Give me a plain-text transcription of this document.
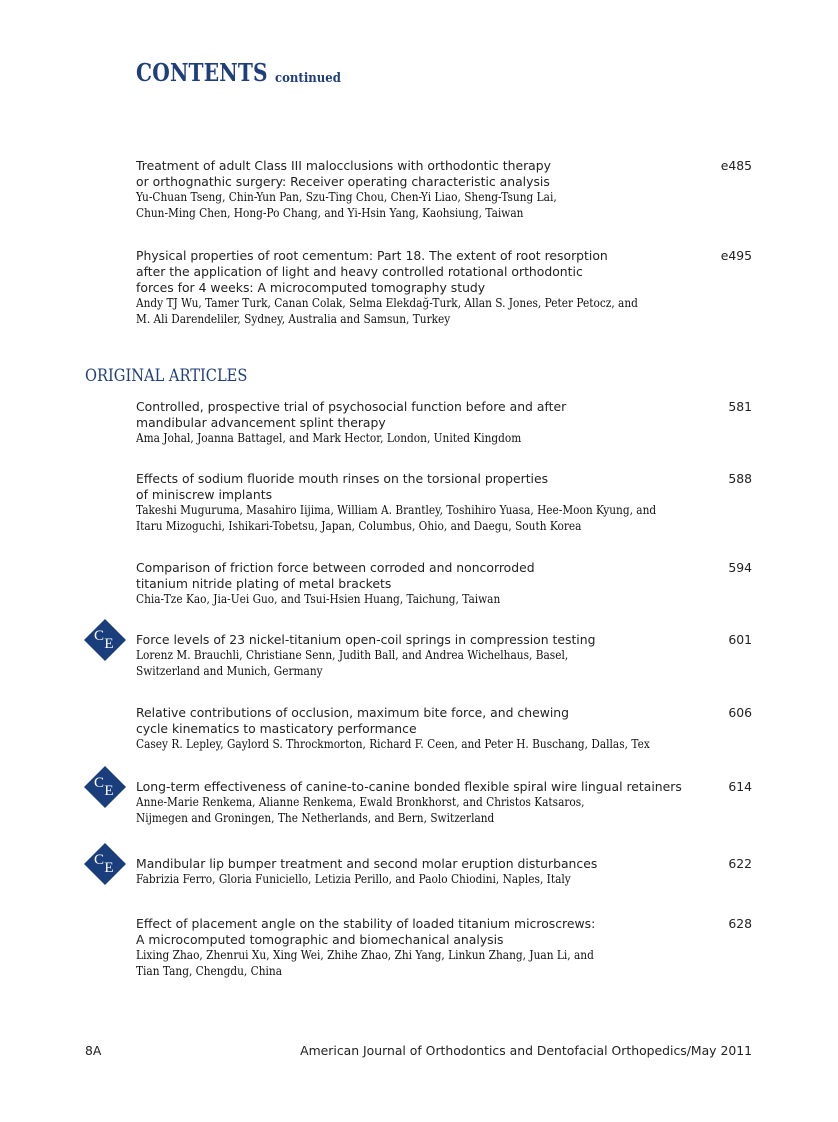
CONTENTS continued
Treatment of adult Class III malocclusions with orthodontic therapy
or orthognathic surgery: Receiver operating characteristic analysis
Yu-Chuan Tseng, Chin-Yun Pan, Szu-Ting Chou, Chen-Yi Liao, Sheng-Tsung Lai,
Chun-Ming Chen, Hong-Po Chang, and Yi-Hsin Yang, Kaohsiung, Taiwan
e485
Physical properties of root cementum: Part 18. The extent of root resorption
after the application of light and heavy controlled rotational orthodontic
forces for 4 weeks: A microcomputed tomography study
Andy TJ Wu, Tamer Turk, Canan Colak, Selma Elekdağ-Turk, Allan S. Jones, Peter Petocz, and
M. Ali Darendeliler, Sydney, Australia and Samsun, Turkey
e495
ORIGINAL ARTICLES
Controlled, prospective trial of psychosocial function before and after
mandibular advancement splint therapy
Ama Johal, Joanna Battagel, and Mark Hector, London, United Kingdom
581
Effects of sodium fluoride mouth rinses on the torsional properties
of miniscrew implants
Takeshi Muguruma, Masahiro Iijima, William A. Brantley, Toshihiro Yuasa, Hee-Moon Kyung, and
Itaru Mizoguchi, Ishikari-Tobetsu, Japan, Columbus, Ohio, and Daegu, South Korea
588
Comparison of friction force between corroded and noncorroded
titanium nitride plating of metal brackets
Chia-Tze Kao, Jia-Uei Guo, and Tsui-Hsien Huang, Taichung, Taiwan
594
C E Force levels of 23 nickel-titanium open-coil springs in compression testing
Lorenz M. Brauchli, Christiane Senn, Judith Ball, and Andrea Wichelhaus, Basel,
Switzerland and Munich, Germany
601
Relative contributions of occlusion, maximum bite force, and chewing
cycle kinematics to masticatory performance
Casey R. Lepley, Gaylord S. Throckmorton, Richard F. Ceen, and Peter H. Buschang, Dallas, Tex
606
C E Long-term effectiveness of canine-to-canine bonded flexible spiral wire lingual retainers
Anne-Marie Renkema, Alianne Renkema, Ewald Bronkhorst, and Christos Katsaros,
Nijmegen and Groningen, The Netherlands, and Bern, Switzerland
614
C E Mandibular lip bumper treatment and second molar eruption disturbances
Fabrizia Ferro, Gloria Funiciello, Letizia Perillo, and Paolo Chiodini, Naples, Italy
622
Effect of placement angle on the stability of loaded titanium microscrews:
A microcomputed tomographic and biomechanical analysis
Lixing Zhao, Zhenrui Xu, Xing Wei, Zhihe Zhao, Zhi Yang, Linkun Zhang, Juan Li, and
Tian Tang, Chengdu, China
628
8A	American Journal of Orthodontics and Dentofacial Orthopedics/May 2011
